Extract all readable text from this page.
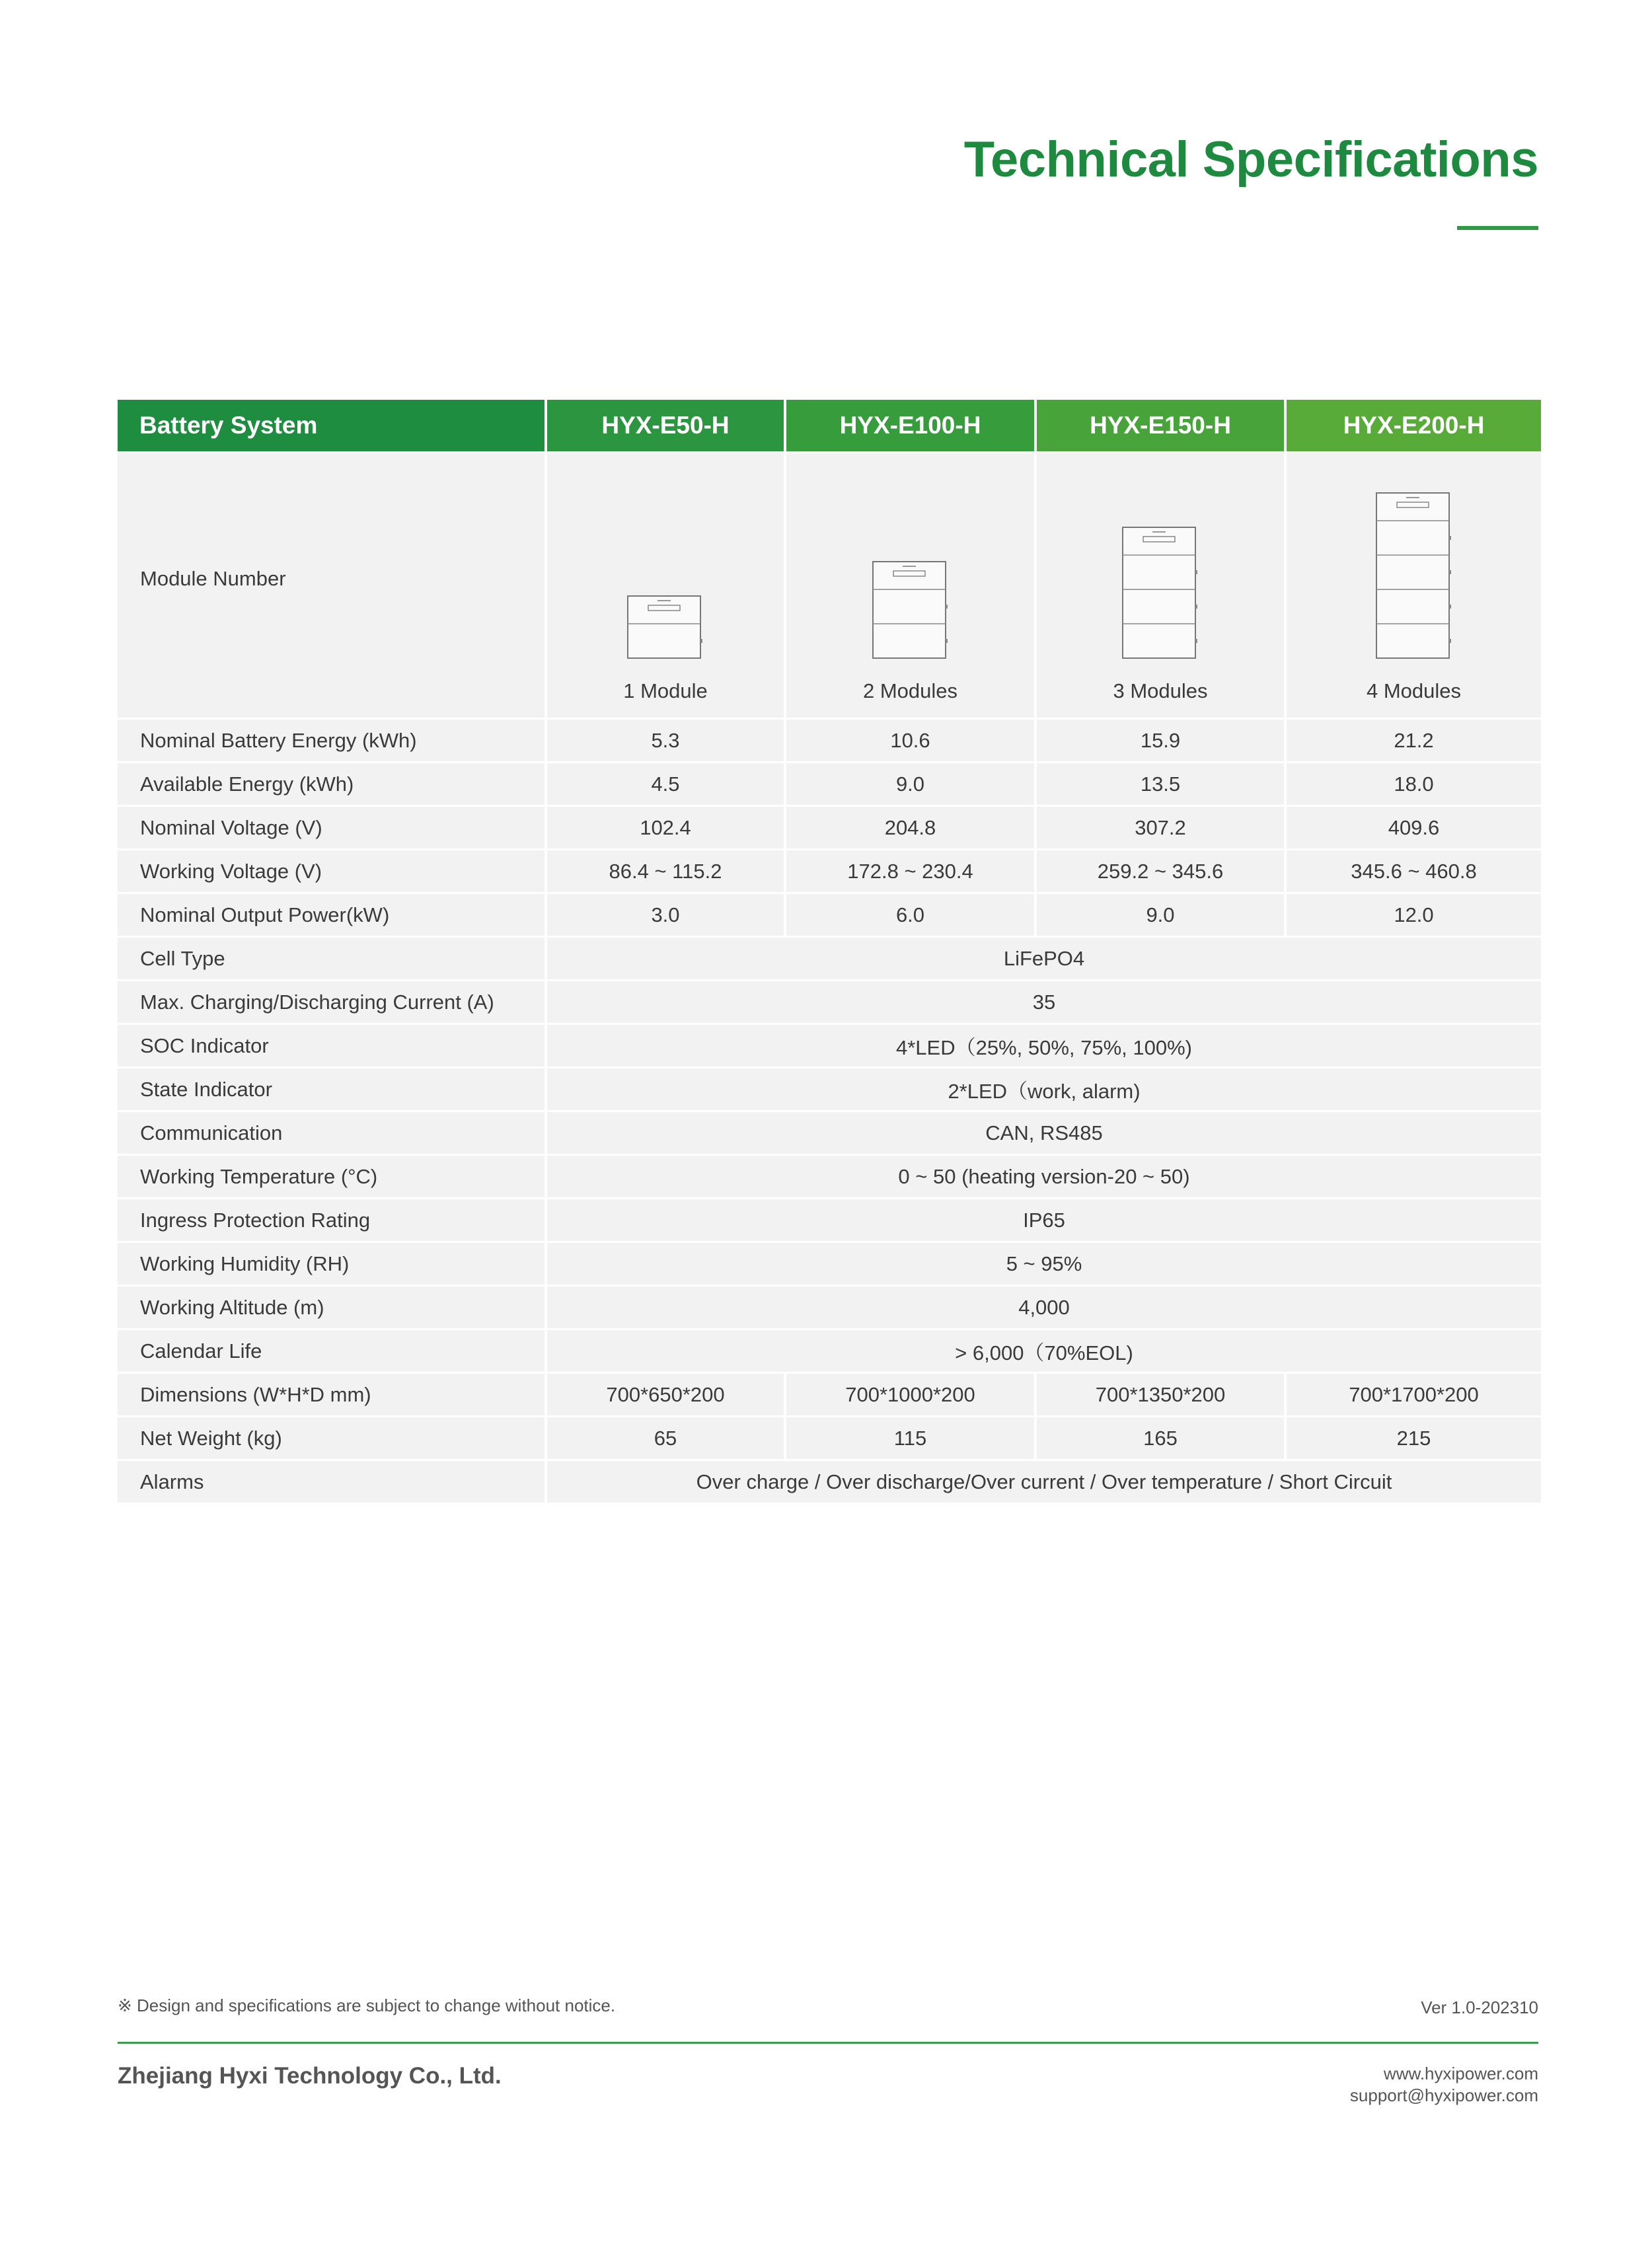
Technical Specifications
Battery System	HYX-E50-H	HYX-E100-H	HYX-E150-H	HYX-E200-H
Module Number	1 Module	2 Modules	3 Modules	4 Modules

Nominal Battery Energy (kWh)	5.3	10.6	15.9	21.2
Available Energy (kWh)	4.5	9.0	13.5	18.0
Nominal Voltage (V)	102.4	204.8	307.2	409.6
Working Voltage (V)	86.4 ~ 115.2	172.8 ~ 230.4	259.2 ~ 345.6	345.6 ~ 460.8
Nominal Output Power(kW)	3.0	6.0	9.0	12.0
Cell Type	LiFePO4			
Max. Charging/Discharging Current (A)	35			
SOC Indicator	4*LED（25%, 50%, 75%, 100%)			
State Indicator	2*LED（work, alarm)			
Communication	CAN, RS485			
Working Temperature (°C)	0 ~ 50 (heating version-20 ~ 50)			
Ingress Protection Rating	IP65			
Working Humidity (RH)	5 ~ 95%			
Working Altitude (m)	4,000			
Calendar Life	> 6,000（70%EOL)			
Dimensions (W*H*D mm)	700*650*200	700*1000*200	700*1350*200	700*1700*200
Net Weight (kg)	65	115	165	215
Alarms	Over charge / Over discharge/Over current / Over temperature / Short Circuit			
※ Design and specifications are subject to change without notice.	Ver 1.0-202310
Zhejiang Hyxi Technology Co., Ltd.	www.hyxipower.com
support@hyxipower.com
